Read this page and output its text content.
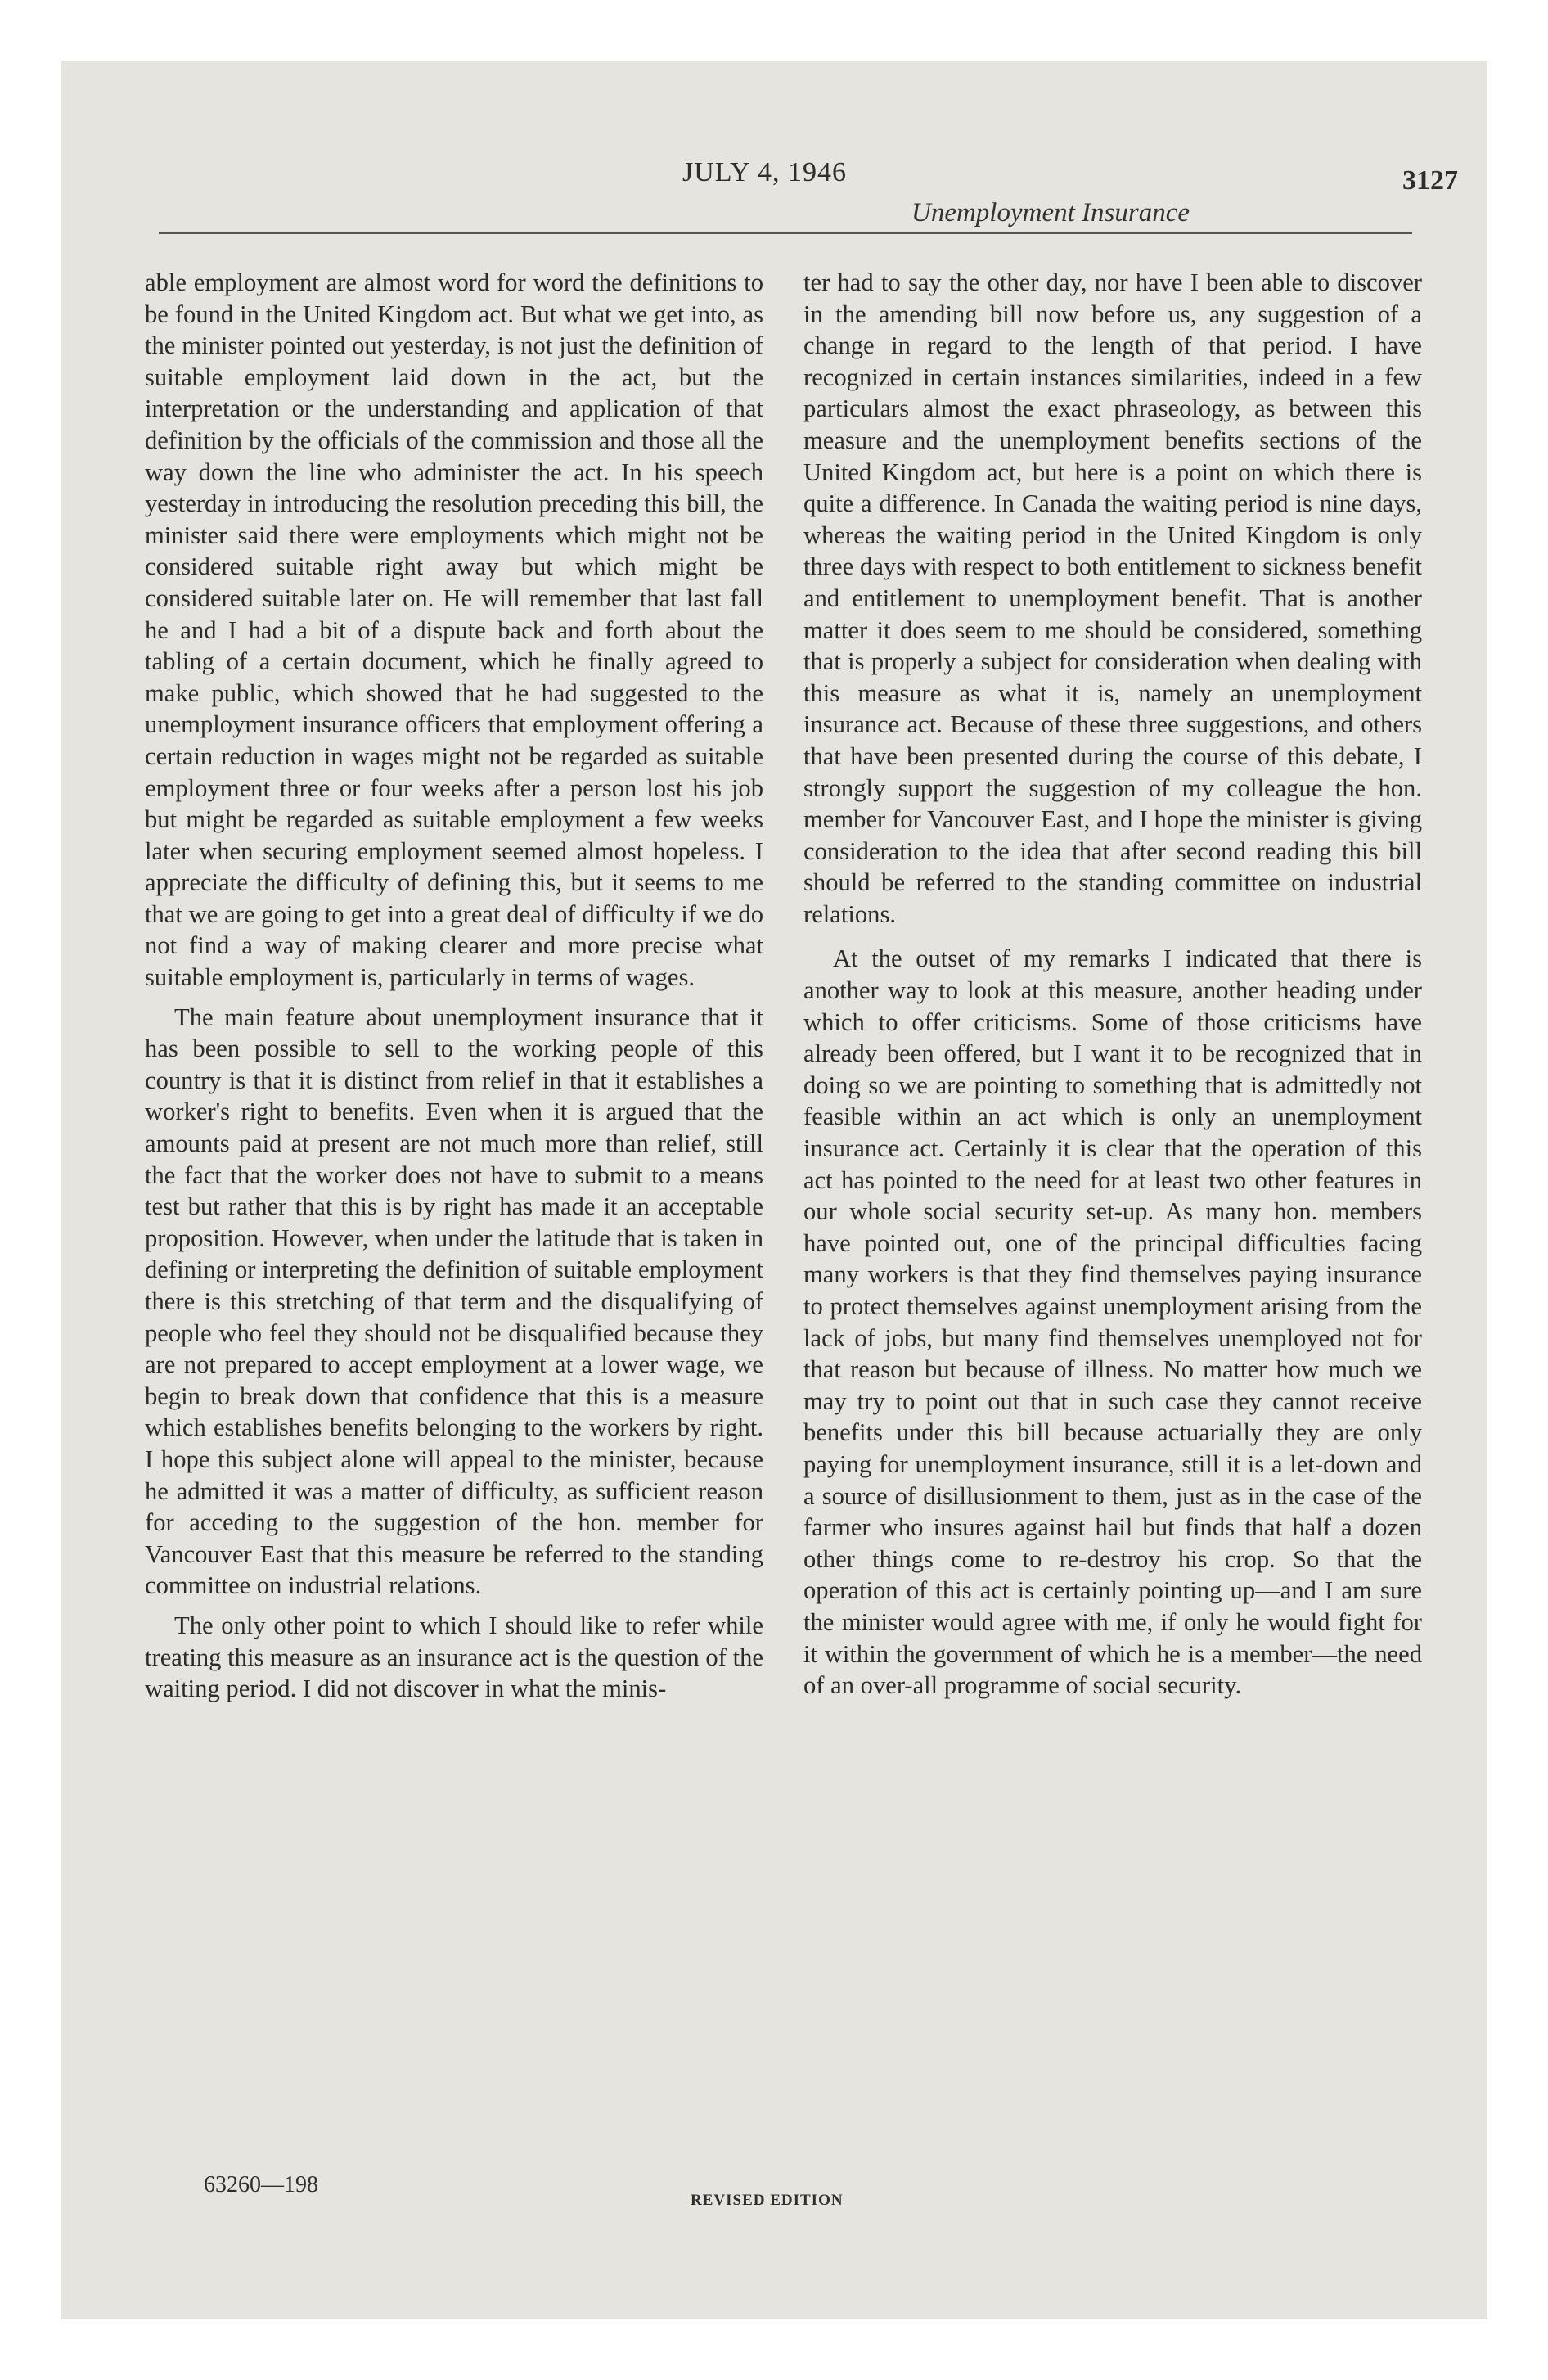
JULY 4, 1946
Unemployment Insurance
3127

able employment are almost word for word the definitions to be found in the United Kingdom act. But what we get into, as the minister pointed out yesterday, is not just the definition of suitable employment laid down in the act, but the interpretation or the understanding and application of that definition by the officials of the commission and those all the way down the line who administer the act. In his speech yesterday in introducing the resolution preceding this bill, the minister said there were employments which might not be considered suitable right away but which might be considered suitable later on. He will remember that last fall he and I had a bit of a dispute back and forth about the tabling of a certain document, which he finally agreed to make public, which showed that he had suggested to the unemployment insurance officers that employment offering a certain reduction in wages might not be regarded as suitable employment three or four weeks after a person lost his job but might be regarded as suitable employment a few weeks later when securing employment seemed almost hopeless. I appreciate the difficulty of defining this, but it seems to me that we are going to get into a great deal of difficulty if we do not find a way of making clearer and more precise what suitable employment is, particularly in terms of wages.

The main feature about unemployment insurance that it has been possible to sell to the working people of this country is that it is distinct from relief in that it establishes a worker's right to benefits. Even when it is argued that the amounts paid at present are not much more than relief, still the fact that the worker does not have to submit to a means test but rather that this is by right has made it an acceptable proposition. However, when under the latitude that is taken in defining or interpreting the definition of suitable employment there is this stretching of that term and the disqualifying of people who feel they should not be disqualified because they are not prepared to accept employment at a lower wage, we begin to break down that confidence that this is a measure which establishes benefits belonging to the workers by right. I hope this subject alone will appeal to the minister, because he admitted it was a matter of difficulty, as sufficient reason for acceding to the suggestion of the hon. member for Vancouver East that this measure be referred to the standing committee on industrial relations.

The only other point to which I should like to refer while treating this measure as an insurance act is the question of the waiting period. I did not discover in what the minis-

ter had to say the other day, nor have I been able to discover in the amending bill now before us, any suggestion of a change in regard to the length of that period. I have recognized in certain instances similarities, indeed in a few particulars almost the exact phraseology, as between this measure and the unemployment benefits sections of the United Kingdom act, but here is a point on which there is quite a difference. In Canada the waiting period is nine days, whereas the waiting period in the United Kingdom is only three days with respect to both entitlement to sickness benefit and entitlement to unemployment benefit. That is another matter it does seem to me should be considered, something that is properly a subject for consideration when dealing with this measure as what it is, namely an unemployment insurance act. Because of these three suggestions, and others that have been presented during the course of this debate, I strongly support the suggestion of my colleague the hon. member for Vancouver East, and I hope the minister is giving consideration to the idea that after second reading this bill should be referred to the standing committee on industrial relations.

At the outset of my remarks I indicated that there is another way to look at this measure, another heading under which to offer criticisms. Some of those criticisms have already been offered, but I want it to be recognized that in doing so we are pointing to something that is admittedly not feasible within an act which is only an unemployment insurance act. Certainly it is clear that the operation of this act has pointed to the need for at least two other features in our whole social security set-up. As many hon. members have pointed out, one of the principal difficulties facing many workers is that they find themselves paying insurance to protect themselves against unemployment arising from the lack of jobs, but many find themselves unemployed not for that reason but because of illness. No matter how much we may try to point out that in such case they cannot receive benefits under this bill because actuarially they are only paying for unemployment insurance, still it is a let-down and a source of disillusionment to them, just as in the case of the farmer who insures against hail but finds that half a dozen other things come to re-destroy his crop. So that the operation of this act is certainly pointing up—and I am sure the minister would agree with me, if only he would fight for it within the government of which he is a member—the need of an over-all programme of social security.

63260—198
REVISED EDITION
